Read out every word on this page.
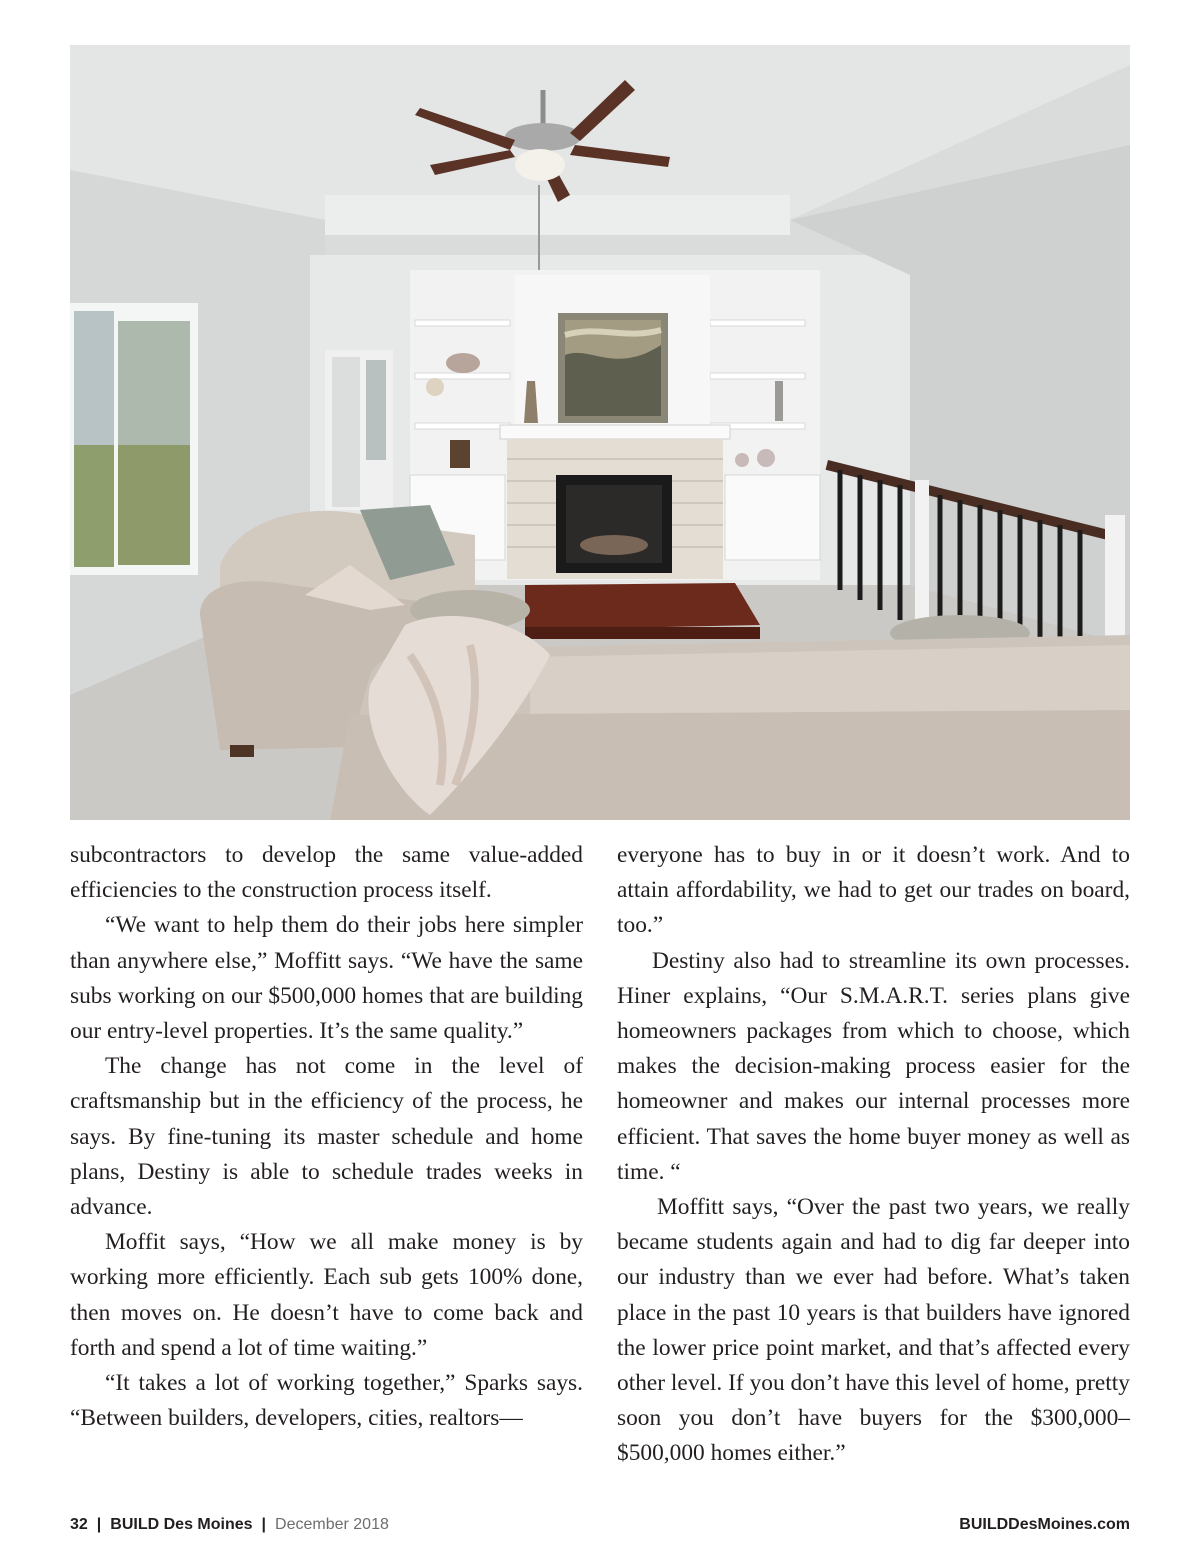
subcontractors to develop the same value-added efficiencies to the construction process itself.

“We want to help them do their jobs here simpler than anywhere else,” Moffitt says. “We have the same subs working on our $500,000 homes that are building our entry-level properties. It’s the same quality.”

The change has not come in the level of craftsmanship but in the efficiency of the process, he says. By fine-tuning its master schedule and home plans, Destiny is able to schedule trades weeks in advance.

Moffit says, “How we all make money is by working more efficiently. Each sub gets 100% done, then moves on. He doesn’t have to come back and forth and spend a lot of time waiting.”

“It takes a lot of working together,” Sparks says. “Between builders, developers, cities, realtors—

everyone has to buy in or it doesn’t work. And to attain affordability, we had to get our trades on board, too.”

Destiny also had to streamline its own processes. Hiner explains, “Our S.M.A.R.T. series plans give homeowners packages from which to choose, which makes the decision-making process easier for the homeowner and makes our internal processes more efficient. That saves the home buyer money as well as time. “

Moffitt says, “Over the past two years, we really became students again and had to dig far deeper into our industry than we ever had before. What’s taken place in the past 10 years is that builders have ignored the lower price point market, and that’s affected every other level. If you don’t have this level of home, pretty soon you don’t have buyers for the $300,000–$500,000 homes either.”

32 | BUILD Des Moines | December 2018	BUILDDesMoines.com
